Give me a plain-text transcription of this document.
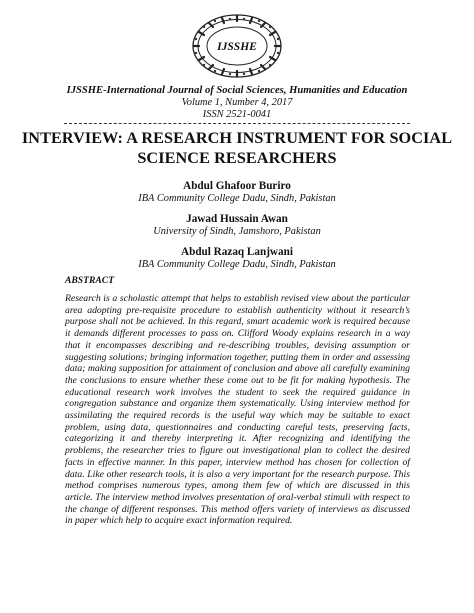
IJSSHE
IJSSHE-International Journal of Social Sciences, Humanities and Education
Volume 1, Number 4, 2017
ISSN 2521-0041
INTERVIEW: A RESEARCH INSTRUMENT FOR SOCIAL
SCIENCE RESEARCHERS
Abdul Ghafoor Buriro
IBA Community College Dadu, Sindh, Pakistan
Jawad Hussain Awan
University of Sindh, Jamshoro, Pakistan
Abdul Razaq Lanjwani
IBA Community College Dadu, Sindh, Pakistan
ABSTRACT
Research is a scholastic attempt that helps to establish revised view about the particular area adopting pre-requisite procedure to establish authenticity without it research’s purpose shall not be achieved. In this regard, smart academic work is required because it demands different processes to pass on. Clifford Woody explains research in a way that it encompasses describing and re-describing troubles, devising assumption or suggesting solutions; bringing information together, putting them in order and assessing data; making supposition for attainment of conclusion and above all carefully examining the conclusions to ensure whether these come out to be fit for making hypothesis. The educational research work involves the student to seek the required guidance in congregation substance and organize them systematically. Using interview method for assimilating the required records is the useful way which may be suitable to exact problem, using data, questionnaires and conducting careful tests, preserving facts, categorizing it and thereby interpreting it. After recognizing and identifying the problems, the researcher tries to figure out investigational plan to collect the desired facts in effective manner. In this paper, interview method has chosen for collection of data. Like other research tools, it is also a very important for the research purpose. This method comprises numerous types, among them few of which are discussed in this article. The interview method involves presentation of oral-verbal stimuli with respect to the change of different responses. This method offers variety of interviews as discussed in paper which help to acquire exact information required.
